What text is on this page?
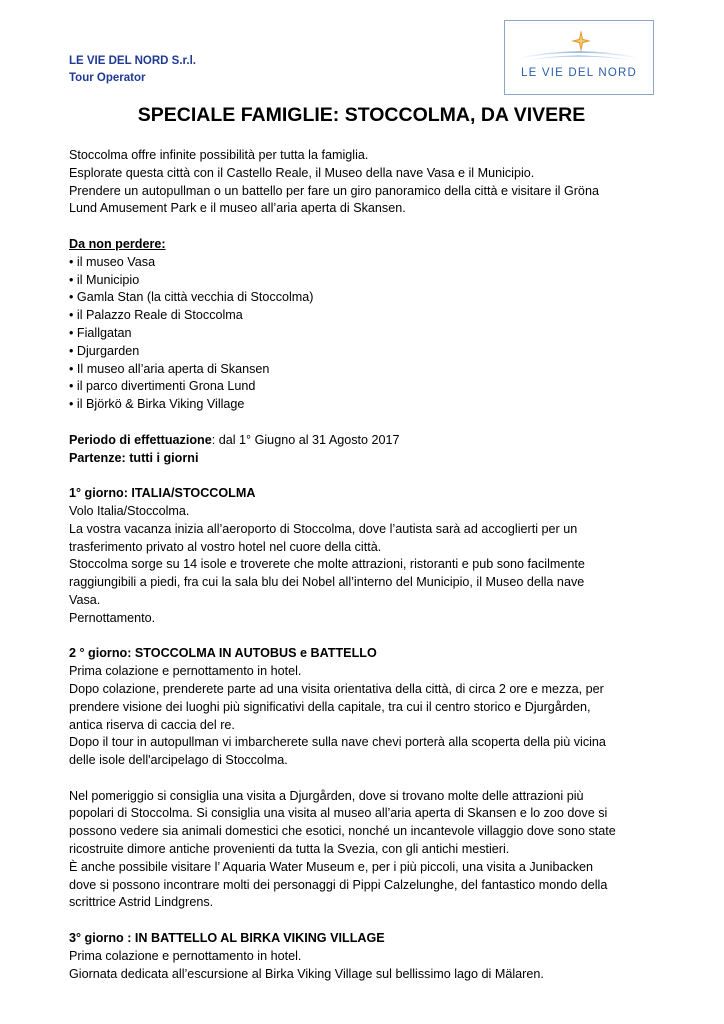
LE VIE DEL NORD S.r.l.
Tour Operator	LE VIE DEL NORD
SPECIALE FAMIGLIE: STOCCOLMA, DA VIVERE

Stoccolma offre infinite possibilità per tutta la famiglia.

Esplorate questa città con il Castello Reale, il Museo della nave Vasa e il Municipio.

Prendere un autopullman o un battello per fare un giro panoramico della città e visitare il Gröna

Lund Amusement Park e il museo all’aria aperta di Skansen.

Da non perdere:

• il museo Vasa

• il Municipio

• Gamla Stan (la città vecchia di Stoccolma)

• il Palazzo Reale di Stoccolma

• Fiallgatan

• Djurgarden

• Il museo all’aria aperta di Skansen

• il parco divertimenti Grona Lund

• il Björkö & Birka Viking Village

Periodo di effettuazione: dal 1° Giugno al 31 Agosto 2017

Partenze: tutti i giorni

1° giorno: ITALIA/STOCCOLMA

Volo Italia/Stoccolma.

La vostra vacanza inizia all’aeroporto di Stoccolma, dove l’autista sarà ad accoglierti per un

trasferimento privato al vostro hotel nel cuore della città.

Stoccolma sorge su 14 isole e troverete che molte attrazioni, ristoranti e pub sono facilmente

raggiungibili a piedi, fra cui la sala blu dei Nobel all’interno del Municipio, il Museo della nave

Vasa.

Pernottamento.

2 ° giorno: STOCCOLMA IN AUTOBUS e BATTELLO

Prima colazione e pernottamento in hotel.

Dopo colazione, prenderete parte ad una visita orientativa della città, di circa 2 ore e mezza, per

prendere visione dei luoghi più significativi della capitale, tra cui il centro storico e Djurgården,

antica riserva di caccia del re.

Dopo il tour in autopullman vi imbarcherete sulla nave chevi porterà alla scoperta della più vicina

delle isole dell'arcipelago di Stoccolma.

Nel pomeriggio si consiglia una visita a Djurgården, dove si trovano molte delle attrazioni più

popolari di Stoccolma. Si consiglia una visita al museo all’aria aperta di Skansen e lo zoo dove si

possono vedere sia animali domestici che esotici, nonché un incantevole villaggio dove sono state

ricostruite dimore antiche provenienti da tutta la Svezia, con gli antichi mestieri.

È anche possibile visitare l’ Aquaria Water Museum e, per i più piccoli, una visita a Junibacken

dove si possono incontrare molti dei personaggi di Pippi Calzelunghe, del fantastico mondo della

scrittrice Astrid Lindgrens.

3° giorno : IN BATTELLO AL BIRKA VIKING VILLAGE

Prima colazione e pernottamento in hotel.

Giornata dedicata all’escursione al Birka Viking Village sul bellissimo lago di Mälaren.
